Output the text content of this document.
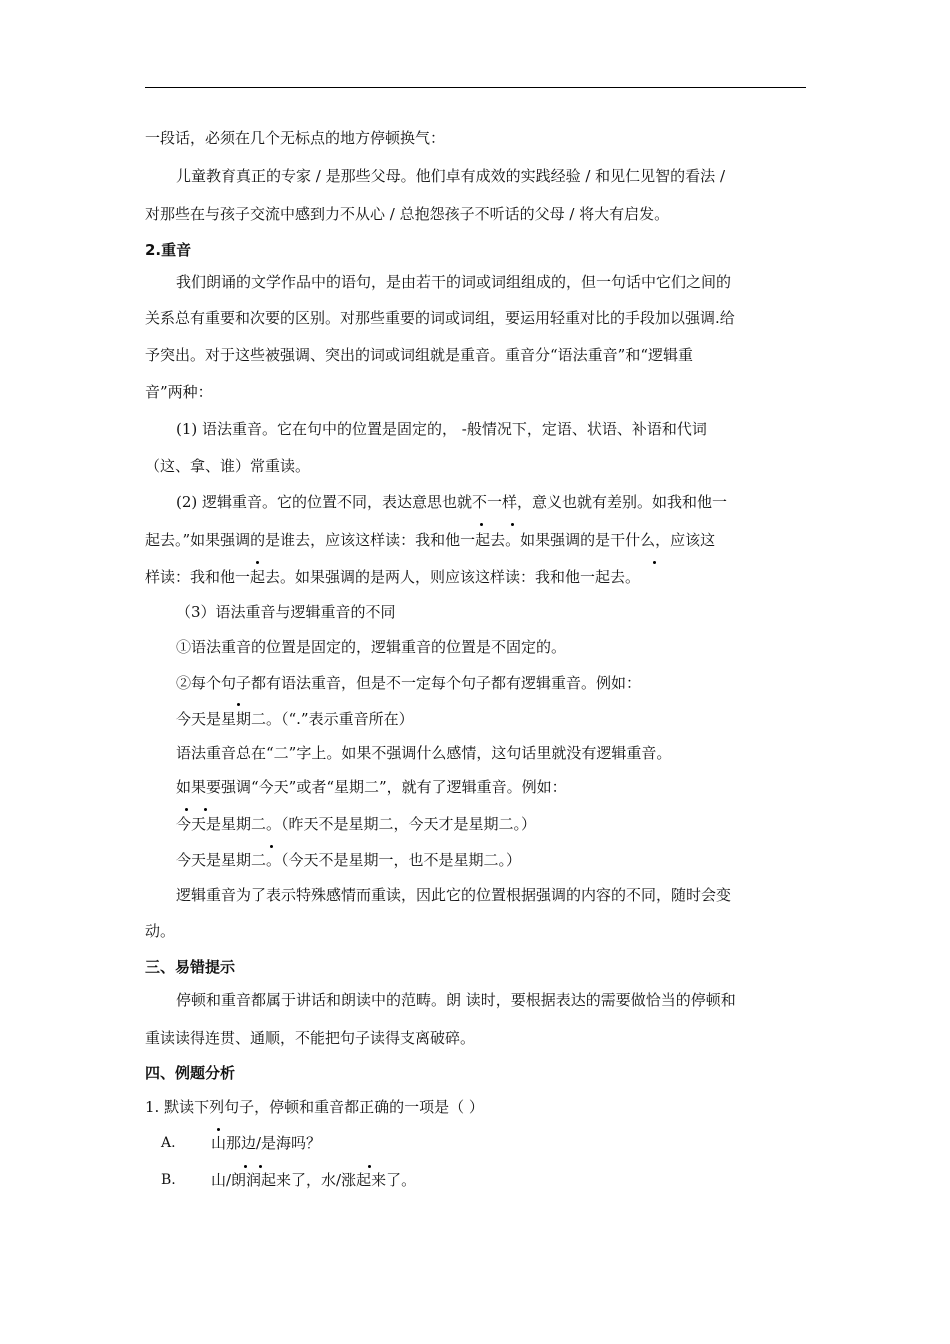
一段话，必须在几个无标点的地方停顿换气：
儿童教育真正的专家 / 是那些父母。他们卓有成效的实践经验 / 和见仁见智的看法 /
对那些在与孩子交流中感到力不从心 / 总抱怨孩子不听话的父母 / 将大有启发。
2.重音
我们朗诵的文学作品中的语句，是由若干的词或词组组成的，但一句话中它们之间的
关系总有重要和次要的区别。对那些重要的词或词组，要运用轻重对比的手段加以强调.给
予突出。对于这些被强调、突出的词或词组就是重音。重音分“语法重音”和“逻辑重
音”两种：
(1) 语法重音。它在句中的位置是固定的， -般情况下，定语、状语、补语和代词
（这、拿、谁）常重读。
(2) 逻辑重音。它的位置不同，表达意思也就不一样，意义也就有差别。如我和他一
起去。”如果强调的是谁去，应该这样读：我和他一起去。如果强调的是干什么，应该这
样读：我和他一起去。如果强调的是两人，则应该这样读：我和他一起去。
（3）语法重音与逻辑重音的不同
①语法重音的位置是固定的，逻辑重音的位置是不固定的。
②每个句子都有语法重音，但是不一定每个句子都有逻辑重音。例如：
今天是星期二。（“.”表示重音所在）
语法重音总在“二”字上。如果不强调什么感情，这句话里就没有逻辑重音。
如果要强调“今天”或者“星期二”，就有了逻辑重音。例如：
今天是星期二。（昨天不是星期二，今天才是星期二。）
今天是星期二。（今天不是星期一，也不是星期二。）
逻辑重音为了表示特殊感情而重读，因此它的位置根据强调的内容的不同，随时会变
动。
三、易错提示
停顿和重音都属于讲话和朗读中的范畴。朗 读时，要根据表达的需要做恰当的停顿和
重读读得连贯、通顺，不能把句子读得支离破碎。
四、例题分析
1. 默读下列句子，停顿和重音都正确的一项是（ ）
A. 山那边/是海吗？
B. 山/朗润起来了，水/涨起来了。
